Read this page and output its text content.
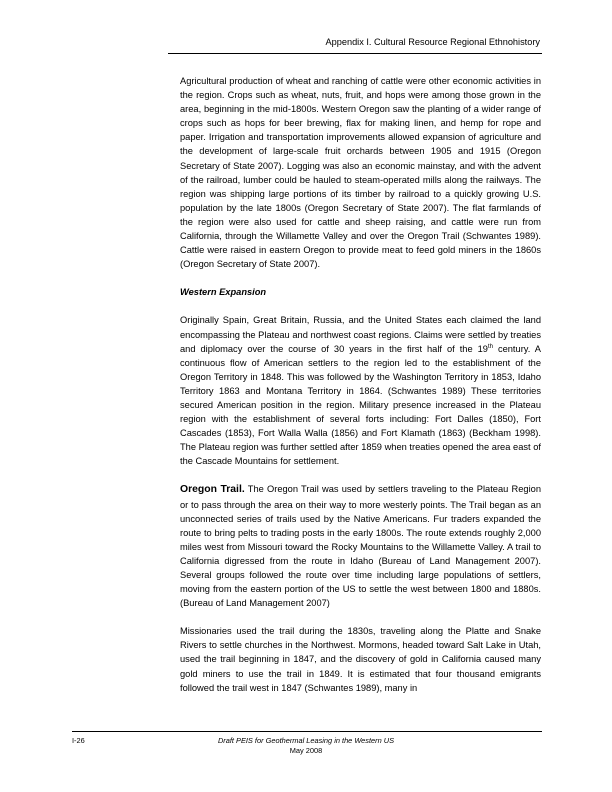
Appendix I. Cultural Resource Regional Ethnohistory

Agricultural production of wheat and ranching of cattle were other economic activities in the region. Crops such as wheat, nuts, fruit, and hops were among those grown in the area, beginning in the mid-1800s. Western Oregon saw the planting of a wider range of crops such as hops for beer brewing, flax for making linen, and hemp for rope and paper. Irrigation and transportation improvements allowed expansion of agriculture and the development of large-scale fruit orchards between 1905 and 1915 (Oregon Secretary of State 2007). Logging was also an economic mainstay, and with the advent of the railroad, lumber could be hauled to steam-operated mills along the railways. The region was shipping large portions of its timber by railroad to a quickly growing U.S. population by the late 1800s (Oregon Secretary of State 2007). The flat farmlands of the region were also used for cattle and sheep raising, and cattle were run from California, through the Willamette Valley and over the Oregon Trail (Schwantes 1989). Cattle were raised in eastern Oregon to provide meat to feed gold miners in the 1860s (Oregon Secretary of State 2007).

Western Expansion

Originally Spain, Great Britain, Russia, and the United States each claimed the land encompassing the Plateau and northwest coast regions. Claims were settled by treaties and diplomacy over the course of 30 years in the first half of the 19th century. A continuous flow of American settlers to the region led to the establishment of the Oregon Territory in 1848. This was followed by the Washington Territory in 1853, Idaho Territory 1863 and Montana Territory in 1864. (Schwantes 1989) These territories secured American position in the region. Military presence increased in the Plateau region with the establishment of several forts including: Fort Dalles (1850), Fort Cascades (1853), Fort Walla Walla (1856) and Fort Klamath (1863) (Beckham 1998). The Plateau region was further settled after 1859 when treaties opened the area east of the Cascade Mountains for settlement.

Oregon Trail. The Oregon Trail was used by settlers traveling to the Plateau Region or to pass through the area on their way to more westerly points. The Trail began as an unconnected series of trails used by the Native Americans. Fur traders expanded the route to bring pelts to trading posts in the early 1800s. The route extends roughly 2,000 miles west from Missouri toward the Rocky Mountains to the Willamette Valley. A trail to California digressed from the route in Idaho (Bureau of Land Management 2007). Several groups followed the route over time including large populations of settlers, moving from the eastern portion of the US to settle the west between 1800 and 1880s. (Bureau of Land Management 2007)

Missionaries used the trail during the 1830s, traveling along the Platte and Snake Rivers to settle churches in the Northwest. Mormons, headed toward Salt Lake in Utah, used the trail beginning in 1847, and the discovery of gold in California caused many gold miners to use the trail in 1849. It is estimated that four thousand emigrants followed the trail west in 1847 (Schwantes 1989), many in

I-26	Draft PEIS for Geothermal Leasing in the Western US
May 2008
